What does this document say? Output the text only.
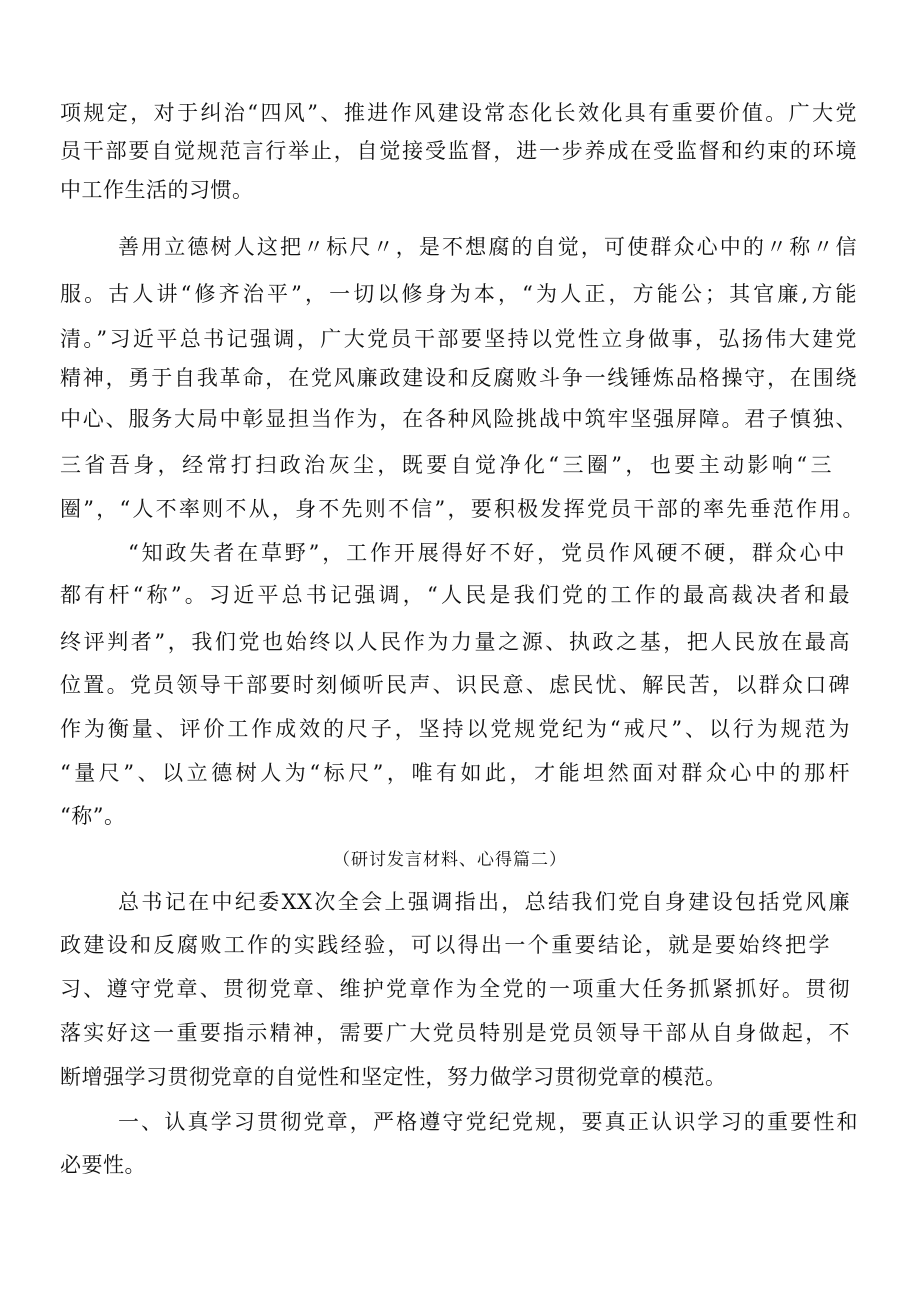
项规定，对于纠治“四风”、推进作风建设常态化长效化具有重要价值。广大党
员干部要自觉规范言行举止，自觉接受监督，进一步养成在受监督和约束的环境
中工作生活的习惯。
善用立德树人这把〃标尺〃，是不想腐的自觉，可使群众心中的〃称〃信
服。古人讲“修齐治平”，一切以修身为本，“为人正，方能公；其官廉,方能
清。”习近平总书记强调，广大党员干部要坚持以党性立身做事，弘扬伟大建党
精神，勇于自我革命，在党风廉政建设和反腐败斗争一线锤炼品格操守，在围绕
中心、服务大局中彰显担当作为，在各种风险挑战中筑牢坚强屏障。君子慎独、
三省吾身，经常打扫政治灰尘，既要自觉净化“三圈”，也要主动影响“三
圈”，“人不率则不从，身不先则不信”，要积极发挥党员干部的率先垂范作用。
“知政失者在草野”，工作开展得好不好，党员作风硬不硬，群众心中
都有杆“称”。习近平总书记强调，“人民是我们党的工作的最高裁决者和最
终评判者”，我们党也始终以人民作为力量之源、执政之基，把人民放在最高
位置。党员领导干部要时刻倾听民声、识民意、虑民忧、解民苦，以群众口碑
作为衡量、评价工作成效的尺子，坚持以党规党纪为“戒尺”、以行为规范为
“量尺”、以立德树人为“标尺”，唯有如此，才能坦然面对群众心中的那杆
“称”。
（研讨发言材料、心得篇二）
总书记在中纪委XX次全会上强调指出，总结我们党自身建设包括党风廉
政建设和反腐败工作的实践经验，可以得出一个重要结论，就是要始终把学
习、遵守党章、贯彻党章、维护党章作为全党的一项重大任务抓紧抓好。贯彻
落实好这一重要指示精神，需要广大党员特别是党员领导干部从自身做起，不
断增强学习贯彻党章的自觉性和坚定性，努力做学习贯彻党章的模范。
一、认真学习贯彻党章，严格遵守党纪党规，要真正认识学习的重要性和
必要性。
